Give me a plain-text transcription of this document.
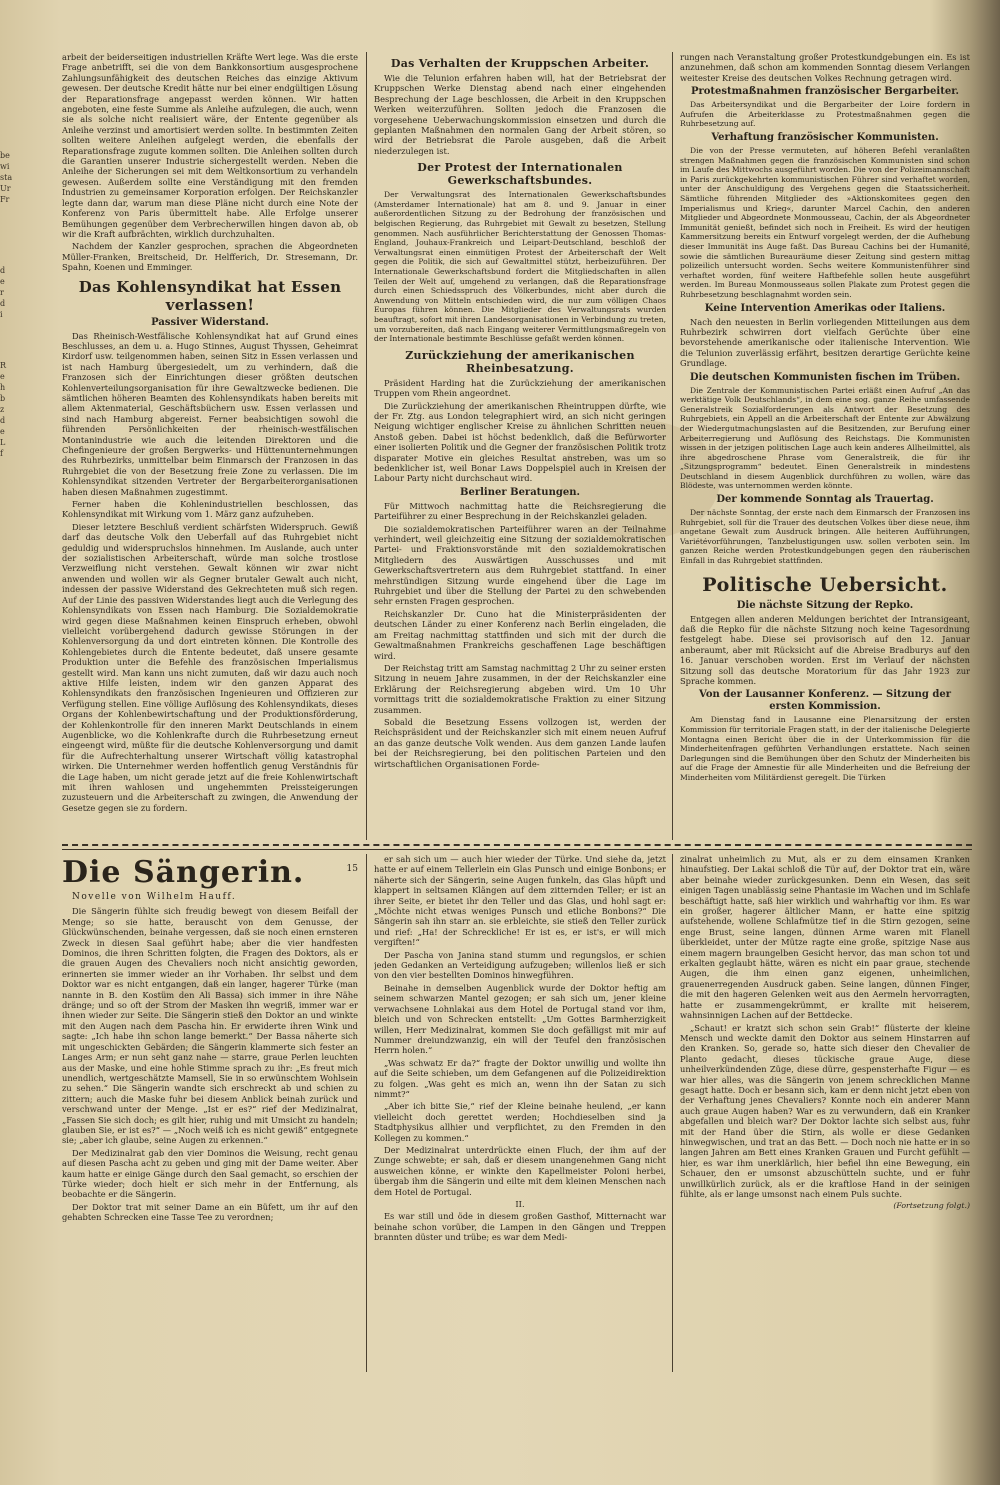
be
wi
sta
Ur
Fr
d
e
r
d
i
R
e
h
b
z
d
e
L
f

arbeit der beiderseitigen industriellen Kräfte Wert lege. Was die erste Frage anbetrifft, sei die von dem Bankkonsortium ausgesprochene Zahlungsunfähigkeit des deutschen Reiches das einzige Aktivum gewesen. Der deutsche Kredit hätte nur bei einer endgültigen Lösung der Reparationsfrage angepasst werden können. Wir hatten angeboten, eine feste Summe als Anleihe aufzulegen, die auch, wenn sie als solche nicht realisiert wäre, der Entente gegenüber als Anleihe verzinst und amortisiert werden sollte. In bestimmten Zeiten sollten weitere Anleihen aufgelegt werden, die ebenfalls der Reparationsfrage zugute kommen sollten. Die Anleihen sollten durch die Garantien unserer Industrie sichergestellt werden. Neben die Anleihe der Sicherungen sei mit dem Weltkonsortium zu verhandeln gewesen. Außerdem sollte eine Verständigung mit den fremden Industrien zu gemeinsamer Korporation erfolgen. Der Reichskanzler legte dann dar, warum man diese Pläne nicht durch eine Note der Konferenz von Paris übermittelt habe. Alle Erfolge unserer Bemühungen gegenüber dem Verbrecherwillen hingen davon ab, ob wir die Kraft aufbrächten, wirklich durchzuhalten.

Nachdem der Kanzler gesprochen, sprachen die Abgeordneten Müller-Franken, Breitscheid, Dr. Helfferich, Dr. Stresemann, Dr. Spahn, Koenen und Emminger.

Das Kohlensyndikat hat Essen verlassen!
Passiver Widerstand.

Das Rheinisch-Westfälische Kohlensyndikat hat auf Grund eines Beschlusses, an dem u. a. Hugo Stinnes, August Thyssen, Geheimrat Kirdorf usw. teilgenommen haben, seinen Sitz in Essen verlassen und ist nach Hamburg übergesiedelt, um zu verhindern, daß die Franzosen sich der Einrichtungen dieser größten deutschen Kohlenverteilungsorganisation für ihre Gewaltzwecke bedienen. Die sämtlichen höheren Beamten des Kohlensyndikats haben bereits mit allem Aktenmaterial, Geschäftsbüchern usw. Essen verlassen und sind nach Hamburg abgereist. Ferner beabsichtigen sowohl die führenden Persönlichkeiten der rheinisch-westfälischen Montanindustrie wie auch die leitenden Direktoren und die Chefingenieure der großen Bergwerks- und Hüttenunternehmungen des Ruhrbezirks, unmittelbar beim Einmarsch der Franzosen in das Ruhrgebiet die von der Besetzung freie Zone zu verlassen. Die im Kohlensyndikat sitzenden Vertreter der Bergarbeiterorganisationen haben diesen Maßnahmen zugestimmt.

Ferner haben die Kohlenindustriellen beschlossen, das Kohlensyndikat mit Wirkung vom 1. März ganz aufzuheben.

Dieser letztere Beschluß verdient schärfsten Widerspruch. Gewiß darf das deutsche Volk den Ueberfall auf das Ruhrgebiet nicht geduldig und widerspruchslos hinnehmen. Im Auslande, auch unter der sozialistischen Arbeiterschaft, würde man solche trostlose Verzweiflung nicht verstehen. Gewalt können wir zwar nicht anwenden und wollen wir als Gegner brutaler Gewalt auch nicht, indessen der passive Widerstand des Gekrechteten muß sich regen. Auf der Linie des passiven Widerstandes liegt auch die Verlegung des Kohlensyndikats von Essen nach Hamburg. Die Sozialdemokratie wird gegen diese Maßnahmen keinen Einspruch erheben, obwohl vielleicht vorübergehend dadurch gewisse Störungen in der Kohlenversorgung da und dort eintreten können. Die Kontrolle des Kohlengebietes durch die Entente bedeutet, daß unsere gesamte Produktion unter die Befehle des französischen Imperialismus gestellt wird. Man kann uns nicht zumuten, daß wir dazu auch noch aktive Hilfe leisten, indem wir den ganzen Apparat des Kohlensyndikats den französischen Ingenieuren und Offizieren zur Verfügung stellen. Eine völlige Auflösung des Kohlensyndikats, dieses Organs der Kohlenbewirtschaftung und der Produktionsförderung, der Kohlenkontrolle für den inneren Markt Deutschlands in einem Augenblicke, wo die Kohlenkrafte durch die Ruhrbesetzung erneut eingeengt wird, müßte für die deutsche Kohlenversorgung und damit für die Aufrechterhaltung unserer Wirtschaft völlig katastrophal wirken. Die Unternehmer werden hoffentlich genug Verständnis für die Lage haben, um nicht gerade jetzt auf die freie Kohlenwirtschaft mit ihren wahlosen und ungehemmten Preissteigerungen zuzusteuern und die Arbeiterschaft zu zwingen, die Anwendung der Gesetze gegen sie zu fordern.

Das Verhalten der Kruppschen Arbeiter.

Wie die Telunion erfahren haben will, hat der Betriebsrat der Kruppschen Werke Dienstag abend nach einer eingehenden Besprechung der Lage beschlossen, die Arbeit in den Kruppschen Werken weiterzuführen. Sollten jedoch die Franzosen die vorgesehene Ueberwachungskommission einsetzen und durch die geplanten Maßnahmen den normalen Gang der Arbeit stören, so wird der Betriebsrat die Parole ausgeben, daß die Arbeit niederzulegen ist.

Der Protest der Internationalen Gewerkschaftsbundes.

Der Verwaltungsrat des Internationalen Gewerkschaftsbundes (Amsterdamer Internationale) hat am 8. und 9. Januar in einer außerordentlichen Sitzung zu der Bedrohung der französischen und belgischen Regierung, das Ruhrgebiet mit Gewalt zu besetzen, Stellung genommen. Nach ausführlicher Berichterstattung der Genossen Thomas-England, Jouhaux-Frankreich und Leipart-Deutschland, beschloß der Verwaltungsrat einen einmütigen Protest der Arbeiterschaft der Welt gegen die Politik, die sich auf Gewaltmittel stützt, herbeizuführen. Der Internationale Gewerkschaftsbund fordert die Mitgliedschaften in allen Teilen der Welt auf, umgehend zu verlangen, daß die Reparationsfrage durch einen Schiedsspruch des Völkerbundes, nicht aber durch die Anwendung von Mitteln entschieden wird, die nur zum völligen Chaos Europas führen können. Die Mitglieder des Verwaltungsrats wurden beauftragt, sofort mit ihren Landesorganisationen in Verbindung zu treten, um vorzubereiten, daß nach Eingang weiterer Vermittlungsmaßregeln von der Internationale bestimmte Beschlüsse gefaßt werden können.

Zurückziehung der amerikanischen Rheinbesatzung.

Präsident Harding hat die Zurückziehung der amerikanischen Truppen vom Rhein angeordnet.

Die Zurückziehung der amerikanischen Rheintruppen dürfte, wie der Fr. Ztg. aus London telegraphiert wird, an sich nicht geringen Neigung wichtiger englischer Kreise zu ähnlichen Schritten neuen Anstoß geben. Dabei ist höchst bedenklich, daß die Befürworter einer isolierten Politik und die Gegner der französischen Politik trotz disparater Motive ein gleiches Resultat anstreben, was um so bedenklicher ist, weil Bonar Laws Doppelspiel auch in Kreisen der Labour Party nicht durchschaut wird.

Berliner Beratungen.

Für Mittwoch nachmittag hatte die Reichsregierung die Parteiführer zu einer Besprechung in der Reichskanzlei geladen.

Die sozialdemokratischen Parteiführer waren an der Teilnahme verhindert, weil gleichzeitig eine Sitzung der sozialdemokratischen Partei- und Fraktionsvorstände mit den sozialdemokratischen Mitgliedern des Auswärtigen Ausschusses und mit Gewerkschaftsvertretern aus dem Ruhrgebiet stattfand. In einer mehrstündigen Sitzung wurde eingehend über die Lage im Ruhrgebiet und über die Stellung der Partei zu den schwebenden sehr ernsten Fragen gesprochen.

Reichskanzler Dr. Cuno hat die Ministerpräsidenten der deutschen Länder zu einer Konferenz nach Berlin eingeladen, die am Freitag nachmittag stattfinden und sich mit der durch die Gewaltmaßnahmen Frankreichs geschaffenen Lage beschäftigen wird.

Der Reichstag tritt am Samstag nachmittag 2 Uhr zu seiner ersten Sitzung in neuem Jahre zusammen, in der der Reichskanzler eine Erklärung der Reichsregierung abgeben wird. Um 10 Uhr vormittags tritt die sozialdemokratische Fraktion zu einer Sitzung zusammen.

Sobald die Besetzung Essens vollzogen ist, werden der Reichspräsident und der Reichskanzler sich mit einem neuen Aufruf an das ganze deutsche Volk wenden. Aus dem ganzen Lande laufen bei der Reichsregierung, bei den politischen Parteien und den wirtschaftlichen Organisationen Forde-

rungen nach Veranstaltung großer Protestkundgebungen ein. Es ist anzunehmen, daß schon am kommenden Sonntag diesem Verlangen weitester Kreise des deutschen Volkes Rechnung getragen wird.

Protestmaßnahmen französischer Bergarbeiter.

Das Arbeitersyndikat und die Bergarbeiter der Loire fordern in Aufrufen die Arbeiterklasse zu Protestmaßnahmen gegen die Ruhrbesetzung auf.

Verhaftung französischer Kommunisten.

Die von der Presse vermuteten, auf höheren Befehl veranlaßten strengen Maßnahmen gegen die französischen Kommunisten sind schon im Laufe des Mittwochs ausgeführt worden. Die von der Polizeimannschaft in Paris zurückgekehrten kommunistischen Führer sind verhaftet worden, unter der Anschuldigung des Vergehens gegen die Staatssicherheit. Sämtliche führenden Mitglieder des »Aktionskomitees gegen den Imperialismus und Krieg«, darunter Marcel Cachin, den anderen Mitglieder und Abgeordnete Monmousseau, Cachin, der als Abgeordneter Immunität genießt, befindet sich noch in Freiheit. Es wird der heutigen Kammersitzung bereits ein Entwurf vorgelegt werden, der die Aufhebung dieser Immunität ins Auge faßt. Das Bureau Cachins bei der Humanité, sowie die sämtlichen Bureauräume dieser Zeitung sind gestern mittag polizeilich untersucht worden. Sechs weitere Kommunistenführer sind verhaftet worden, fünf weitere Haftbefehle sollen heute ausgeführt werden. Im Bureau Monmousseaus sollen Plakate zum Protest gegen die Ruhrbesetzung beschlagnahmt worden sein.

Keine Intervention Amerikas oder Italiens.

Nach den neuesten in Berlin vorliegenden Mitteilungen aus dem Ruhrbezirk schwirren dort vielfach Gerüchte über eine bevorstehende amerikanische oder italienische Intervention. Wie die Telunion zuverlässig erfährt, besitzen derartige Gerüchte keine Grundlage.

Die deutschen Kommunisten fischen im Trüben.

Die Zentrale der Kommunistischen Partei erläßt einen Aufruf „An das werktätige Volk Deutschlands“, in dem eine sog. ganze Reihe umfassende Generalstreik Sozialforderungen als Antwort der Besetzung des Ruhrgebiets, ein Appell an die Arbeiterschaft der Entente zur Abwälzung der Wiedergutmachungslasten auf die Besitzenden, zur Berufung einer Arbeiterregierung und Auflösung des Reichstags. Die Kommunisten wissen in der jetzigen politischen Lage auch kein anderes Allheilmittel, als ihre abgedroschene Phrase vom Generalstreik, die für ihr „Sitzungsprogramm“ bedeutet. Einen Generalstreik in mindestens Deutschland in diesem Augenblick durchführen zu wollen, wäre das Blödeste, was unternommen werden könnte.

Der kommende Sonntag als Trauertag.

Der nächste Sonntag, der erste nach dem Einmarsch der Franzosen ins Ruhrgebiet, soll für die Trauer des deutschen Volkes über diese neue, ihm angetane Gewalt zum Ausdruck bringen. Alle heiteren Aufführungen, Variétévorführungen, Tanzbelustigungen usw. sollen verboten sein. Im ganzen Reiche werden Protestkundgebungen gegen den räuberischen Einfall in das Ruhrgebiet stattfinden.

Politische Uebersicht.
Die nächste Sitzung der Repko.

Entgegen allen anderen Meldungen berichtet der Intransigeant, daß die Repko für die nächste Sitzung noch keine Tagesordnung festgelegt habe. Diese sei provisorisch auf den 12. Januar anberaumt, aber mit Rücksicht auf die Abreise Bradburys auf den 16. Januar verschoben worden. Erst im Verlauf der nächsten Sitzung soll das deutsche Moratorium für das Jahr 1923 zur Sprache kommen.

Von der Lausanner Konferenz. — Sitzung der ersten Kommission.

Am Dienstag fand in Lausanne eine Plenarsitzung der ersten Kommission für territoriale Fragen statt, in der der italienische Delegierte Montagna einen Bericht über die in der Unterkommission für die Minderheitenfragen geführten Verhandlungen erstattete. Nach seinen Darlegungen sind die Bemühungen über den Schutz der Minderheiten bis auf die Frage der Amnestie für alle Minderheiten und die Befreiung der Minderheiten vom Militärdienst geregelt. Die Türken

Die Sängerin.	15
Novelle von Wilhelm Hauff.

Die Sängerin fühlte sich freudig bewegt von diesem Beifall der Menge; so sie hatte, berauscht von dem Genusse, der Glückwünschenden, beinahe vergessen, daß sie noch einen ernsteren Zweck in diesen Saal geführt habe; aber die vier handfesten Dominos, die ihren Schritten folgten, die Fragen des Doktors, als er die grauen Augen des Chevaliers noch nicht ansichtig geworden, erinnerten sie immer wieder an ihr Vorhaben. Ihr selbst und dem Doktor war es nicht entgangen, daß ein langer, hagerer Türke (man nannte in B. den Kostüm den Ali Bassa) sich immer in ihre Nähe dränge; und so oft der Strom der Masken ihn wegriß, immer war er ihnen wieder zur Seite. Die Sängerin stieß den Doktor an und winkte mit den Augen nach dem Pascha hin. Er erwiderte ihren Wink und sagte: „Ich habe ihn schon lange bemerkt.“ Der Bassa näherte sich mit ungeschickten Gebärden; die Sängerin klammerte sich fester an Langes Arm; er nun seht ganz nahe — starre, graue Perlen leuchten aus der Maske, und eine hohle Stimme sprach zu ihr: „Es freut mich unendlich, wertgeschätzte Mamsell, Sie in so erwünschtem Wohlsein zu sehen.“ Die Sängerin wandte sich erschreckt ab und schien zu zittern; auch die Maske fuhr bei diesem Anblick beinah zurück und verschwand unter der Menge. „Ist er es?“ rief der Medizinalrat, „Fassen Sie sich doch; es gilt hier, ruhig und mit Umsicht zu handeln; glauben Sie, er ist es?“ — „Noch weiß ich es nicht gewiß“ entgegnete sie; „aber ich glaube, seine Augen zu erkennen.“

Der Medizinalrat gab den vier Dominos die Weisung, recht genau auf diesen Pascha acht zu geben und ging mit der Dame weiter. Aber kaum hatte er einige Gänge durch den Saal gemacht, so erschien der Türke wieder; doch hielt er sich mehr in der Entfernung, als beobachte er die Sängerin.

Der Doktor trat mit seiner Dame an ein Büfett, um ihr auf den gehabten Schrecken eine Tasse Tee zu verordnen;

er sah sich um — auch hier wieder der Türke. Und siehe da, jetzt hatte er auf einem Tellerlein ein Glas Punsch und einige Bonbons; er näherte sich der Sängerin, seine Augen funkeln, das Glas hüpft und klappert in seltsamen Klängen auf dem zitternden Teller; er ist an ihrer Seite, er bietet ihr den Teller und das Glas, und hohl sagt er: „Möchte nicht etwas weniges Punsch und etliche Bonbons?“ Die Sängerin sah ihn starr an. sie erbleichte, sie stieß den Teller zurück und rief: „Ha! der Schreckliche! Er ist es, er ist's, er will mich vergiften!“

Der Pascha von Janina stand stumm und regungslos, er schien jeden Gedanken an Verteidigung aufzugeben; willenlos ließ er sich von den vier bestellten Dominos hinwegführen.

Beinahe in demselben Augenblick wurde der Doktor heftig am seinem schwarzen Mantel gezogen; er sah sich um, jener kleine verwachsene Lohnlakai aus dem Hotel de Portugal stand vor ihm, bleich und von Schrecken entstellt: „Um Gottes Barmherzigkeit willen, Herr Medizinalrat, kommen Sie doch gefälligst mit mir auf Nummer dreiundzwanzig, ein will der Teufel den französischen Herrn holen.“

„Was schwatz Er da?“ fragte der Doktor unwillig und wollte ihn auf die Seite schieben, um dem Gefangenen auf die Polizeidirektion zu folgen. „Was geht es mich an, wenn ihn der Satan zu sich nimmt?“

„Aber ich bitte Sie,“ rief der Kleine beinahe heulend, „er kann vielleicht doch gerettet werden; Hochdieselben sind ja Stadtphysikus allhier und verpflichtet, zu den Fremden in den Kollegen zu kommen.“

Der Medizinalrat unterdrückte einen Fluch, der ihm auf der Zunge schwebte; er sah, daß er diesem unangenehmen Gang nicht ausweichen könne, er winkte den Kapellmeister Poloni herbei, übergab ihm die Sängerin und eilte mit dem kleinen Menschen nach dem Hotel de Portugal.

II.

Es war still und öde in diesem großen Gasthof, Mitternacht war beinahe schon vorüber, die Lampen in den Gängen und Treppen brannten düster und trübe; es war dem Medi-

zinalrat unheimlich zu Mut, als er zu dem einsamen Kranken hinaufstieg. Der Lakai schloß die Tür auf, der Doktor trat ein, wäre aber beinahe wieder zurückgesunken. Denn ein Wesen, das seit einigen Tagen unablässig seine Phantasie im Wachen und im Schlafe beschäftigt hatte, saß hier wirklich und wahrhaftig vor ihm. Es war ein großer, hagerer ältlicher Mann, er hatte eine spitzig aufstehende, wollene Schlafmütze tief in die Stirn gezogen, seine enge Brust, seine langen, dünnen Arme waren mit Flanell überkleidet, unter der Mütze ragte eine große, spitzige Nase aus einem magern braungelben Gesicht hervor, das man schon tot und erkalten geglaubt hätte, wären es nicht ein paar graue, stechende Augen, die ihm einen ganz eigenen, unheimlichen, grauenerregenden Ausdruck gaben. Seine langen, dünnen Finger, die mit den hageren Gelenken weit aus den Aermeln hervorragten, hatte er zusammengekrümmt, er krallte mit heiserem, wahnsinnigen Lachen auf der Bettdecke.

„Schaut! er kratzt sich schon sein Grab!“ flüsterte der kleine Mensch und weckte damit den Doktor aus seinem Hinstarren auf den Kranken. So, gerade so, hatte sich dieser den Chevalier de Planto gedacht, dieses tückische graue Auge, diese unheilverkündenden Züge, diese dürre, gespensterhafte Figur — es war hier alles, was die Sängerin von jenem schrecklichen Manne gesagt hatte. Doch er besann sich, kam er denn nicht jetzt eben von der Verhaftung jenes Chevaliers? Konnte noch ein anderer Mann auch graue Augen haben? War es zu verwundern, daß ein Kranker abgefallen und bleich war? Der Doktor lachte sich selbst aus, fuhr mit der Hand über die Stirn, als wolle er diese Gedanken hinwegwischen, und trat an das Bett. — Doch noch nie hatte er in so langen Jahren am Bett eines Kranken Grauen und Furcht gefühlt — hier, es war ihm unerklärlich, hier befiel ihn eine Bewegung, ein Schauer, den er umsonst abzuschütteln suchte, und er fuhr unwillkürlich zurück, als er die kraftlose Hand in der seinigen fühlte, als er lange umsonst nach einem Puls suchte.

(Fortsetzung folgt.)
